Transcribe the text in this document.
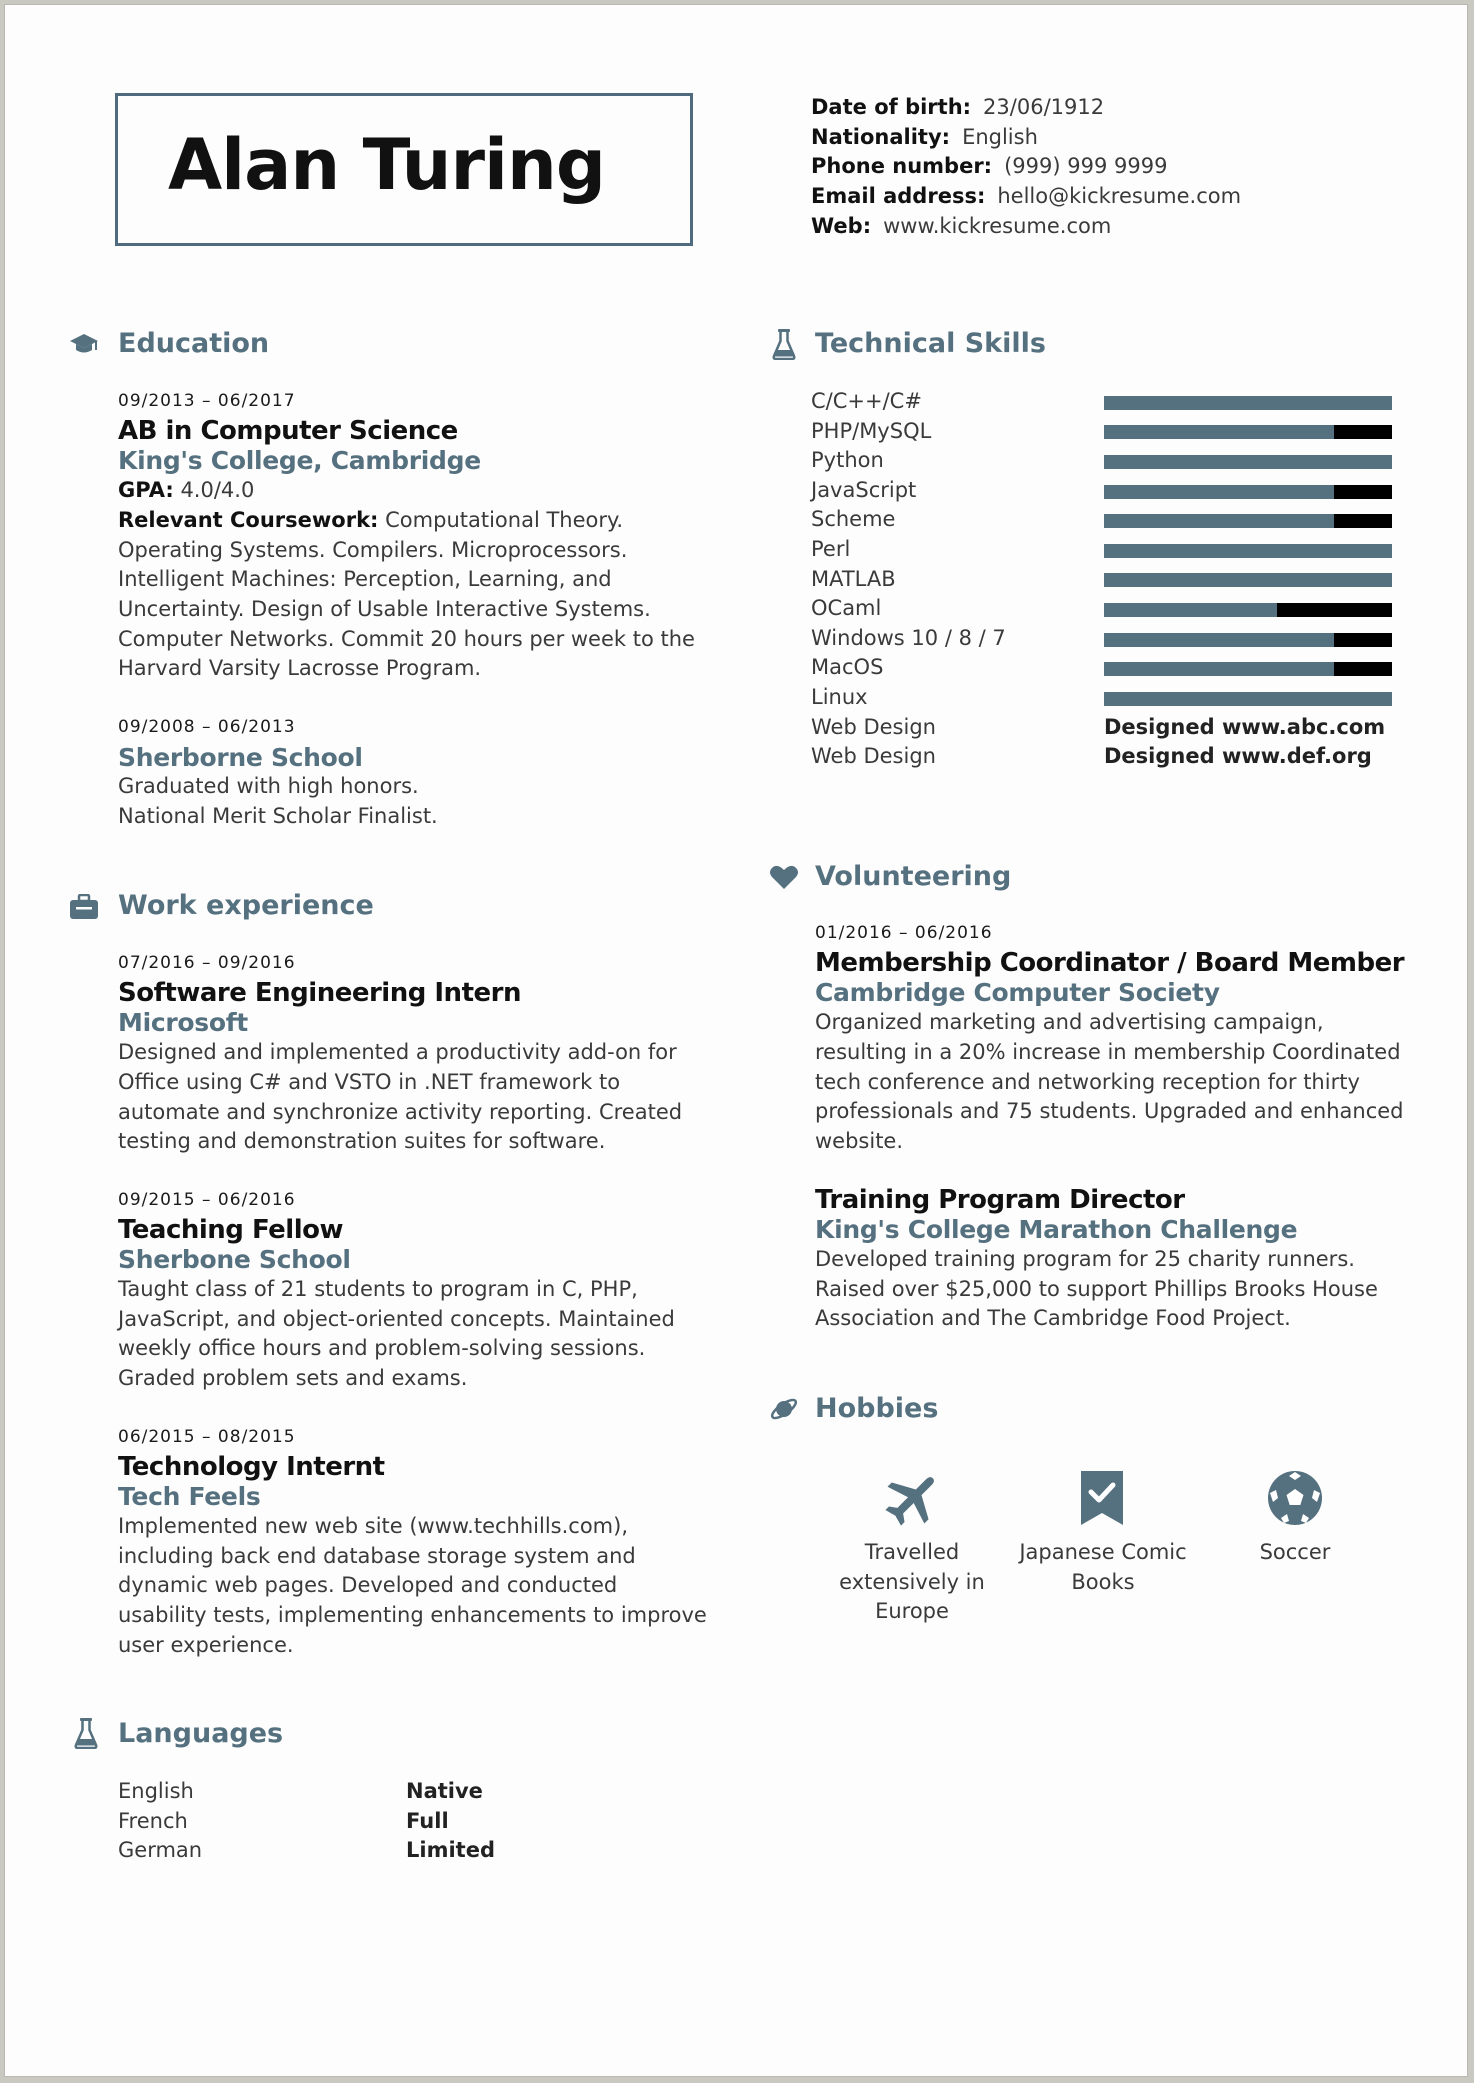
Alan Turing
Date of birth: 23/06/1912
Nationality: English
Phone number: (999) 999 9999
Email address: hello@kickresume.com
Web: www.kickresume.com
Education
09/2013 – 06/2017
AB in Computer Science
King's College, Cambridge
GPA: 4.0/4.0
Relevant Coursework: Computational Theory.
Operating Systems. Compilers. Microprocessors.
Intelligent Machines: Perception, Learning, and
Uncertainty. Design of Usable Interactive Systems.
Computer Networks. Commit 20 hours per week to the
Harvard Varsity Lacrosse Program.
09/2008 – 06/2013
Sherborne School
Graduated with high honors.
National Merit Scholar Finalist.
Work experience
07/2016 – 09/2016
Software Engineering Intern
Microsoft
Designed and implemented a productivity add-on for
Office using C# and VSTO in .NET framework to
automate and synchronize activity reporting. Created
testing and demonstration suites for software.
09/2015 – 06/2016
Teaching Fellow
Sherbone School
Taught class of 21 students to program in C, PHP,
JavaScript, and object-oriented concepts. Maintained
weekly office hours and problem-solving sessions.
Graded problem sets and exams.
06/2015 – 08/2015
Technology Internt
Tech Feels
Implemented new web site (www.techhills.com),
including back end database storage system and
dynamic web pages. Developed and conducted
usability tests, implementing enhancements to improve
user experience.
Languages
English	Native
French	Full
German	Limited
Technical Skills
Volunteering
01/2016 – 06/2016
Membership Coordinator / Board Member
Cambridge Computer Society
Organized marketing and advertising campaign,
resulting in a 20% increase in membership Coordinated
tech conference and networking reception for thirty
professionals and 75 students. Upgraded and enhanced
website.
Training Program Director
King's College Marathon Challenge
Developed training program for 25 charity runners.
Raised over $25,000 to support Phillips Brooks House
Association and The Cambridge Food Project.
Hobbies
Travelled
extensively in
Europe
Japanese Comic
Books
Soccer
C/C++/C#
PHP/MySQL
Python
JavaScript
Scheme
Perl
MATLAB
OCaml
Windows 10 / 8 / 7
MacOS
Linux
Web Design	Designed www.abc.com
Web Design	Designed www.def.org
